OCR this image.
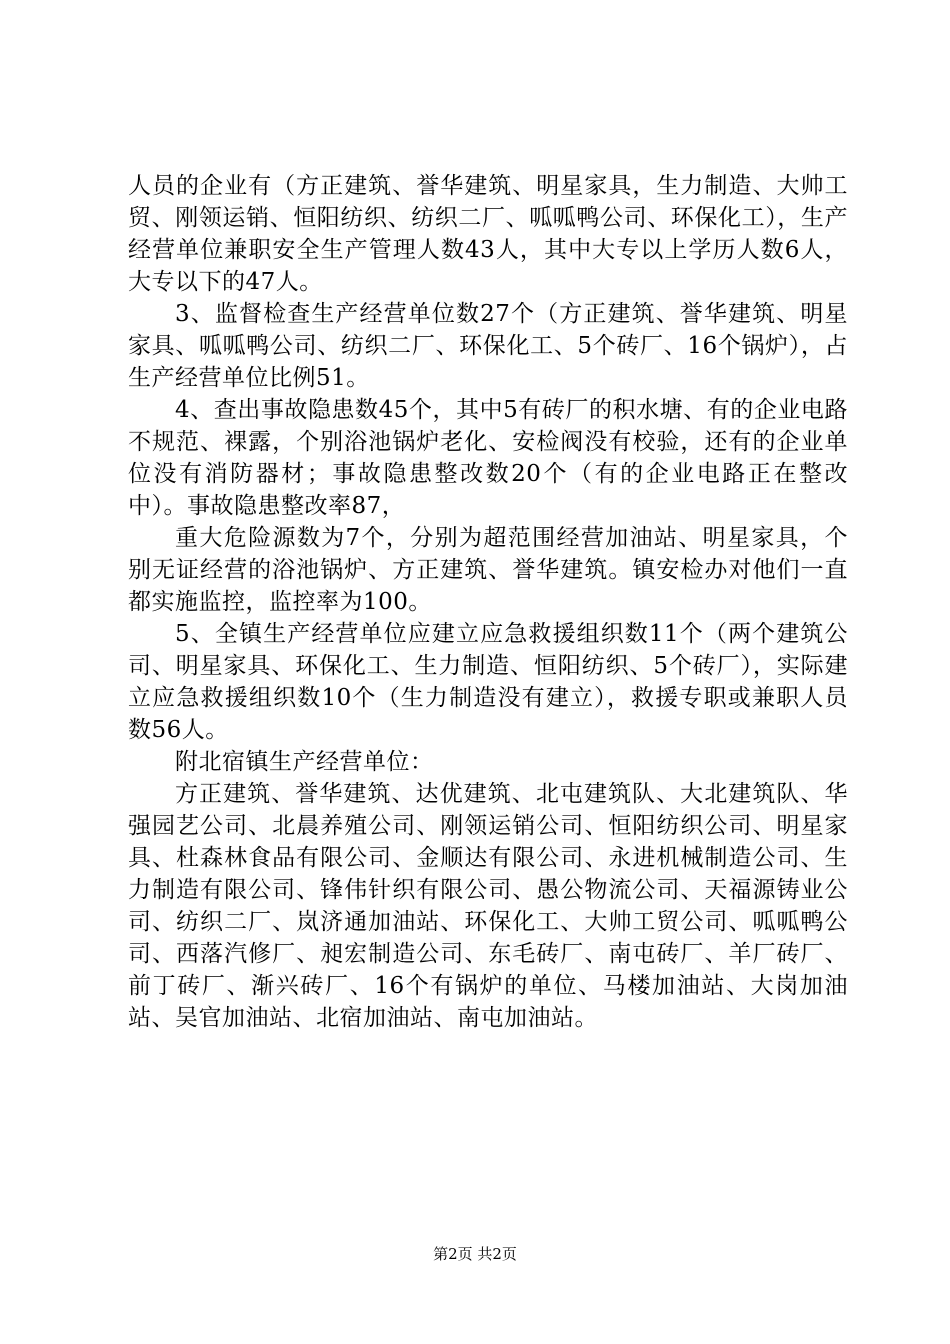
人员的企业有（方正建筑、誉华建筑、明星家具，生力制造、大帅工贸、刚领运销、恒阳纺织、纺织二厂、呱呱鸭公司、环保化工），生产经营单位兼职安全生产管理人数43人，其中大专以上学历人数6人，大专以下的47人。

3、监督检查生产经营单位数27个（方正建筑、誉华建筑、明星家具、呱呱鸭公司、纺织二厂、环保化工、5个砖厂、16个锅炉），占生产经营单位比例51。

4、查出事故隐患数45个，其中5有砖厂的积水塘、有的企业电路不规范、裸露，个别浴池锅炉老化、安检阀没有校验，还有的企业单位没有消防器材；事故隐患整改数20个（有的企业电路正在整改中）。事故隐患整改率87，

重大危险源数为7个，分别为超范围经营加油站、明星家具，个别无证经营的浴池锅炉、方正建筑、誉华建筑。镇安检办对他们一直都实施监控，监控率为100。

5、全镇生产经营单位应建立应急救援组织数11个（两个建筑公司、明星家具、环保化工、生力制造、恒阳纺织、5个砖厂），实际建立应急救援组织数10个（生力制造没有建立），救援专职或兼职人员数56人。

附北宿镇生产经营单位：

方正建筑、誉华建筑、达优建筑、北屯建筑队、大北建筑队、华强园艺公司、北晨养殖公司、刚领运销公司、恒阳纺织公司、明星家具、杜森林食品有限公司、金顺达有限公司、永进机械制造公司、生力制造有限公司、锋伟针织有限公司、愚公物流公司、天福源铸业公司、纺织二厂、岚济通加油站、环保化工、大帅工贸公司、呱呱鸭公司、西落汽修厂、昶宏制造公司、东毛砖厂、南屯砖厂、羊厂砖厂、前丁砖厂、渐兴砖厂、16个有锅炉的单位、马楼加油站、大岗加油站、吴官加油站、北宿加油站、南屯加油站。

第2页 共2页
